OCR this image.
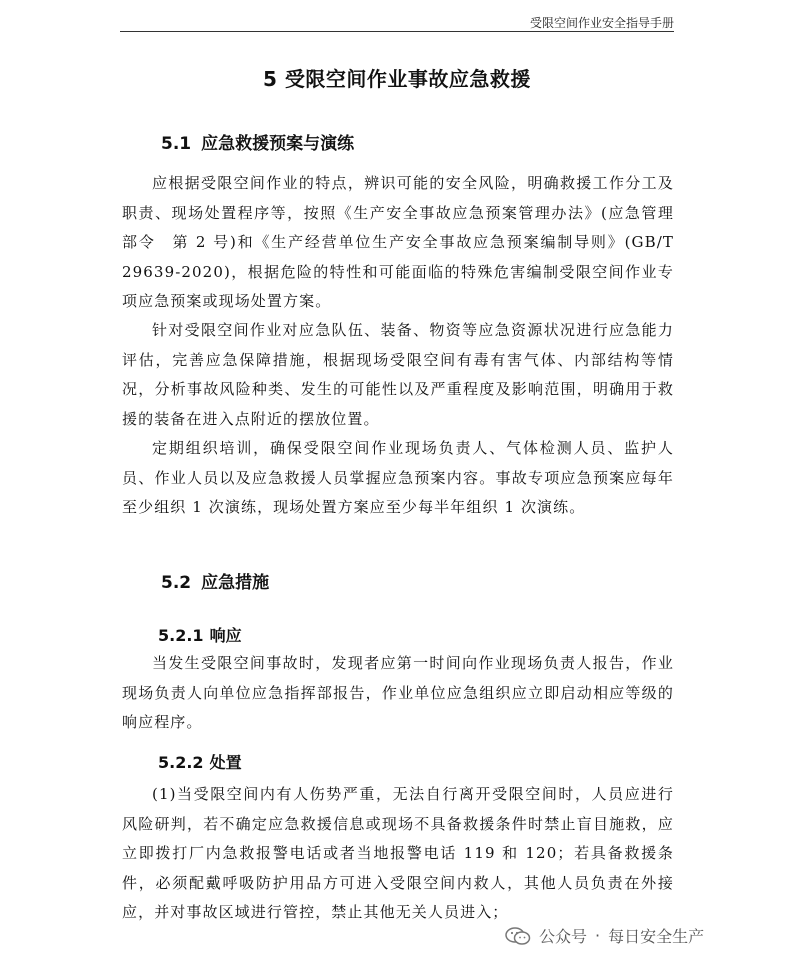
受限空间作业安全指导手册
5 受限空间作业事故应急救援
5.1 应急救援预案与演练
应根据受限空间作业的特点，辨识可能的安全风险，明确救援工作分工及职责、现场处置程序等，按照《生产安全事故应急预案管理办法》(应急管理部令　第 2 号)和《生产经营单位生产安全事故应急预案编制导则》(GB/T 29639-2020)，根据危险的特性和可能面临的特殊危害编制受限空间作业专项应急预案或现场处置方案。
针对受限空间作业对应急队伍、装备、物资等应急资源状况进行应急能力评估，完善应急保障措施，根据现场受限空间有毒有害气体、内部结构等情况，分析事故风险种类、发生的可能性以及严重程度及影响范围，明确用于救援的装备在进入点附近的摆放位置。
定期组织培训，确保受限空间作业现场负责人、气体检测人员、监护人员、作业人员以及应急救援人员掌握应急预案内容。事故专项应急预案应每年至少组织 1 次演练，现场处置方案应至少每半年组织 1 次演练。
5.2 应急措施
5.2.1 响应
当发生受限空间事故时，发现者应第一时间向作业现场负责人报告，作业现场负责人向单位应急指挥部报告，作业单位应急组织应立即启动相应等级的响应程序。
5.2.2 处置
(1)当受限空间内有人伤势严重，无法自行离开受限空间时，人员应进行风险研判，若不确定应急救援信息或现场不具备救援条件时禁止盲目施救，应立即拨打厂内急救报警电话或者当地报警电话 119 和 120；若具备救援条件，必须配戴呼吸防护用品方可进入受限空间内救人，其他人员负责在外接应，并对事故区域进行管控，禁止其他无关人员进入；
公众号 · 每日安全生产
